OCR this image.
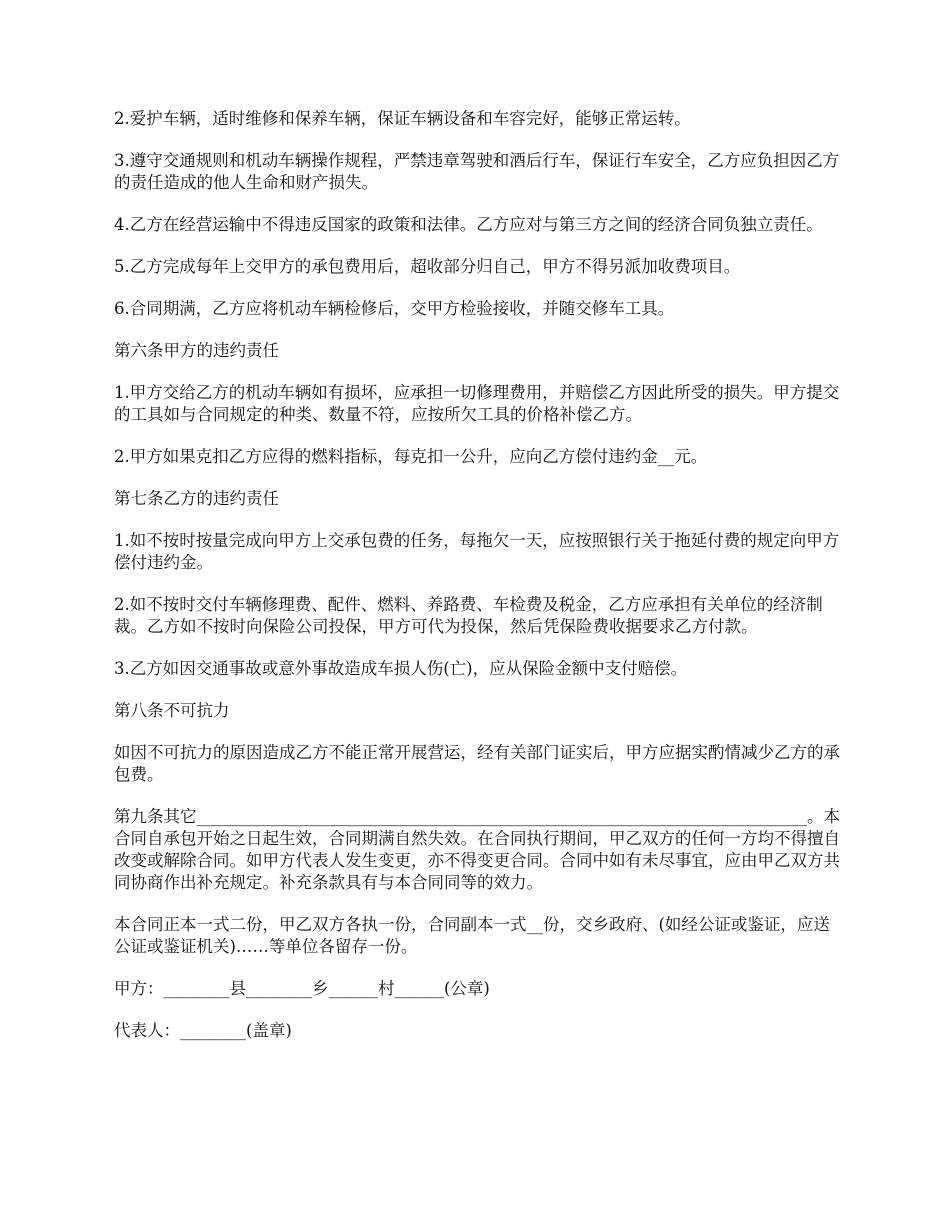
2.爱护车辆，适时维修和保养车辆，保证车辆设备和车容完好，能够正常运转。

3.遵守交通规则和机动车辆操作规程，严禁违章驾驶和酒后行车，保证行车安全，乙方应负担因乙方的责任造成的他人生命和财产损失。

4.乙方在经营运输中不得违反国家的政策和法律。乙方应对与第三方之间的经济合同负独立责任。

5.乙方完成每年上交甲方的承包费用后，超收部分归自己，甲方不得另派加收费项目。

6.合同期满，乙方应将机动车辆检修后，交甲方检验接收，并随交修车工具。

第六条甲方的违约责任

1.甲方交给乙方的机动车辆如有损坏，应承担一切修理费用，并赔偿乙方因此所受的损失。甲方提交的工具如与合同规定的种类、数量不符，应按所欠工具的价格补偿乙方。

2.甲方如果克扣乙方应得的燃料指标，每克扣一公升，应向乙方偿付违约金__元。

第七条乙方的违约责任

1.如不按时按量完成向甲方上交承包费的任务，每拖欠一天，应按照银行关于拖延付费的规定向甲方偿付违约金。

2.如不按时交付车辆修理费、配件、燃料、养路费、车检费及税金，乙方应承担有关单位的经济制裁。乙方如不按时向保险公司投保，甲方可代为投保，然后凭保险费收据要求乙方付款。

3.乙方如因交通事故或意外事故造成车损人伤(亡)，应从保险金额中支付赔偿。

第八条不可抗力

如因不可抗力的原因造成乙方不能正常开展营运，经有关部门证实后，甲方应据实酌情减少乙方的承包费。

第九条其它__________________________________________________________________________。本合同自承包开始之日起生效，合同期满自然失效。在合同执行期间，甲乙双方的任何一方均不得擅自改变或解除合同。如甲方代表人发生变更，亦不得变更合同。合同中如有未尽事宜，应由甲乙双方共同协商作出补充规定。补充条款具有与本合同同等的效力。

本合同正本一式二份，甲乙双方各执一份，合同副本一式__份，交乡政府、(如经公证或鉴证，应送公证或鉴证机关)……等单位各留存一份。

甲方：________县________乡______村______(公章)

代表人：________(盖章)
